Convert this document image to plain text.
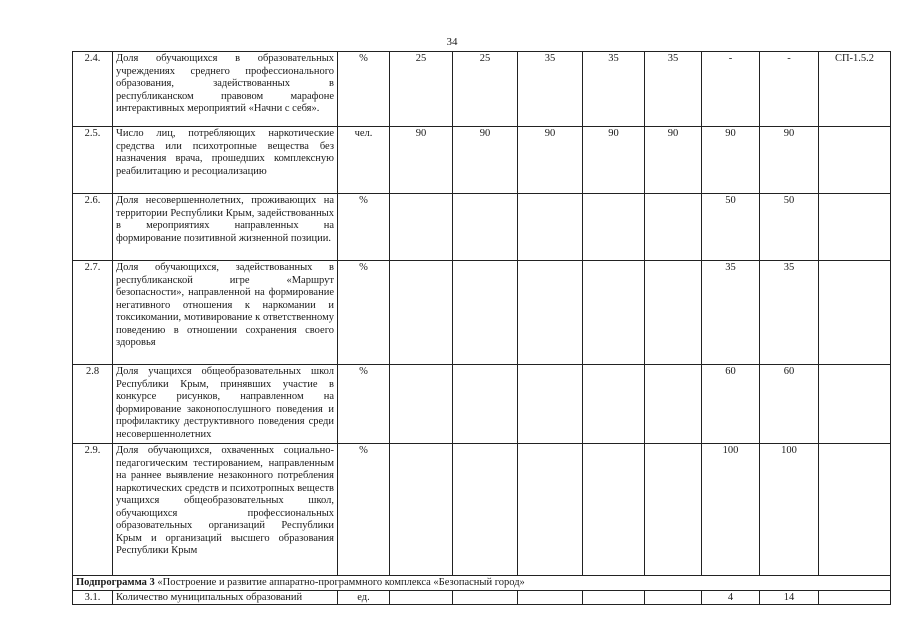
34
2.4.	Доля обучающихся в образовательных учреждениях среднего профессионального образования, задействованных в республиканском правовом марафоне интерактивных мероприятий «Начни с себя».	%	25	25	35	35	35	-	-	СП-1.5.2
2.5.	Число лиц, потребляющих наркотические средства или психотропные вещества без назначения врача, прошедших комплексную реабилитацию и ресоциализацию	чел.	90	90	90	90	90	90	90	
2.6.	Доля несовершеннолетних, проживающих на территории Республики Крым, задействованных в мероприятиях направленных на формирование позитивной жизненной позиции.	%						50	50	
2.7.	Доля обучающихся, задействованных в республиканской игре «Маршрут безопасности», направленной на формирование негативного отношения к наркомании и токсикомании, мотивирование к ответственному поведению в отношении сохранения своего здоровья	%						35	35	
2.8	Доля учащихся общеобразовательных школ Республики Крым, принявших участие в конкурсе рисунков, направленном на формирование законопослушного поведения и профилактику деструктивного поведения среди несовершеннолетних	%						60	60	
2.9.	Доля обучающихся, охваченных социально-педагогическим тестированием, направленным на раннее выявление незаконного потребления наркотических средств и психотропных веществ учащихся общеобразовательных школ, обучающихся профессиональных образовательных организаций Республики Крым и организаций высшего образования Республики Крым	%						100	100	
Подпрограмма 3 «Построение и развитие аппаратно-программного комплекса «Безопасный город»										
3.1.	Количество муниципальных образований	ед.						4	14	
